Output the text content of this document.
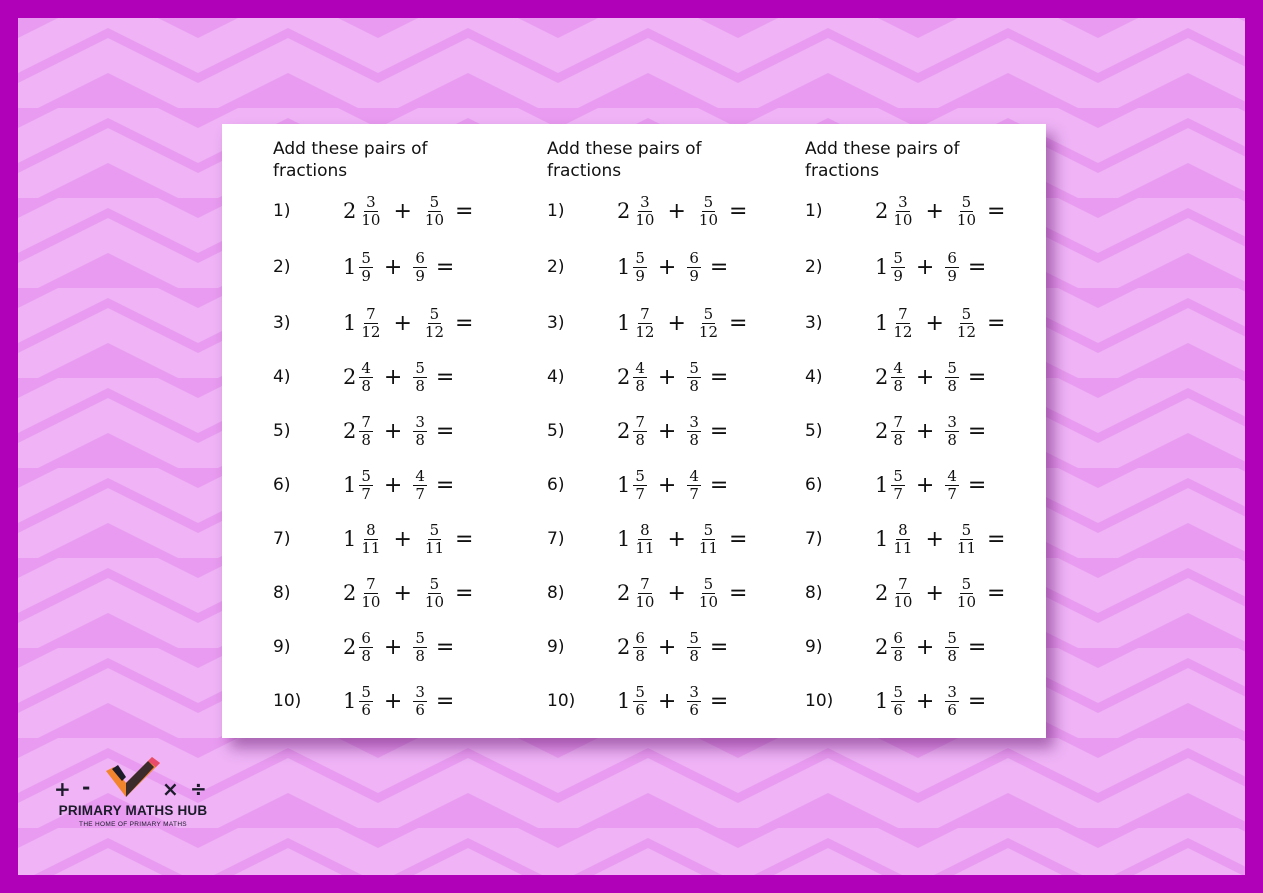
Add these pairs of fractions
1)	$2 \frac{3}{10} + \frac{5}{10}$ =
2)	$1 \frac{5}{9} + \frac{6}{9}$ =
3)	$1 \frac{7}{12} + \frac{5}{12}$ =
4)	$2 \frac{4}{8} + \frac{5}{8}$ =
5)	$2 \frac{7}{8} + \frac{3}{8}$ =
6)	$1 \frac{5}{7} + \frac{4}{7}$ =
7)	$1 \frac{8}{11} + \frac{5}{11}$ =
8)	$2 \frac{7}{10} + \frac{5}{10}$ =
9)	$2 \frac{6}{8} + \frac{5}{8}$ =
10)	$1 \frac{5}{6} + \frac{3}{6}$ =
Add these pairs of fractions
1)	$2 \frac{3}{10} + \frac{5}{10}$ =
2)	$1 \frac{5}{9} + \frac{6}{9}$ =
3)	$1 \frac{7}{12} + \frac{5}{12}$ =
4)	$2 \frac{4}{8} + \frac{5}{8}$ =
5)	$2 \frac{7}{8} + \frac{3}{8}$ =
6)	$1 \frac{5}{7} + \frac{4}{7}$ =
7)	$1 \frac{8}{11} + \frac{5}{11}$ =
8)	$2 \frac{7}{10} + \frac{5}{10}$ =
9)	$2 \frac{6}{8} + \frac{5}{8}$ =
10)	$1 \frac{5}{6} + \frac{3}{6}$ =
Add these pairs of fractions
1)	$2 \frac{3}{10} + \frac{5}{10}$ =
2)	$1 \frac{5}{9} + \frac{6}{9}$ =
3)	$1 \frac{7}{12} + \frac{5}{12}$ =
4)	$2 \frac{4}{8} + \frac{5}{8}$ =
5)	$2 \frac{7}{8} + \frac{3}{8}$ =
6)	$1 \frac{5}{7} + \frac{4}{7}$ =
7)	$1 \frac{8}{11} + \frac{5}{11}$ =
8)	$2 \frac{7}{10} + \frac{5}{10}$ =
9)	$2 \frac{6}{8} + \frac{5}{8}$ =
10)	$1 \frac{5}{6} + \frac{3}{6}$ =
+ -	× ÷
PRIMARY MATHS HUB
THE HOME OF PRIMARY MATHS
